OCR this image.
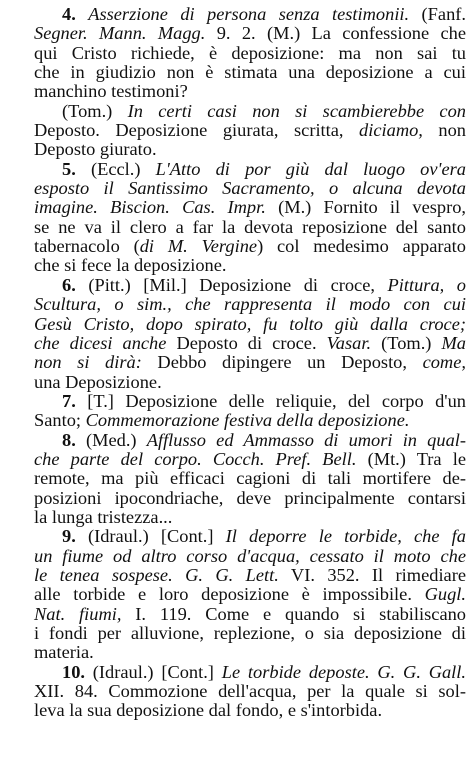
4. Asserzione di persona senza testimonii. (Fanf.
Segner. Mann. Magg. 9. 2. (M.) La confessione che
qui Cristo richiede, è deposizione: ma non sai tu
che in giudizio non è stimata una deposizione a cui
manchino testimoni?
(Tom.) In certi casi non si scambierebbe con
Deposto. Deposizione giurata, scritta, diciamo, non
Deposto giurato.
5. (Eccl.) L'Atto di por giù dal luogo ov'era
esposto il Santissimo Sacramento, o alcuna devota
imagine. Biscion. Cas. Impr. (M.) Fornito il vespro,
se ne va il clero a far la devota reposizione del santo
tabernacolo (di M. Vergine) col medesimo apparato
che si fece la deposizione.
6. (Pitt.) [Mil.] Deposizione di croce, Pittura, o
Scultura, o sim., che rappresenta il modo con cui
Gesù Cristo, dopo spirato, fu tolto giù dalla croce;
che dicesi anche Deposto di croce. Vasar. (Tom.) Ma
non si dirà: Debbo dipingere un Deposto, come,
una Deposizione.
7. [T.] Deposizione delle reliquie, del corpo d'un
Santo; Commemorazione festiva della deposizione.
8. (Med.) Afflusso ed Ammasso di umori in qual-
che parte del corpo. Cocch. Pref. Bell. (Mt.) Tra le
remote, ma più efficaci cagioni di tali mortifere de-
posizioni ipocondriache, deve principalmente contarsi
la lunga tristezza...
9. (Idraul.) [Cont.] Il deporre le torbide, che fa
un fiume od altro corso d'acqua, cessato il moto che
le tenea sospese. G. G. Lett. VI. 352. Il rimediare
alle torbide e loro deposizione è impossibile. Gugl.
Nat. fiumi, I. 119. Come e quando si stabiliscano
i fondi per alluvione, replezione, o sia deposizione di
materia.
10. (Idraul.) [Cont.] Le torbide deposte. G. G. Gall.
XII. 84. Commozione dell'acqua, per la quale si sol-
leva la sua deposizione dal fondo, e s'intorbida.
